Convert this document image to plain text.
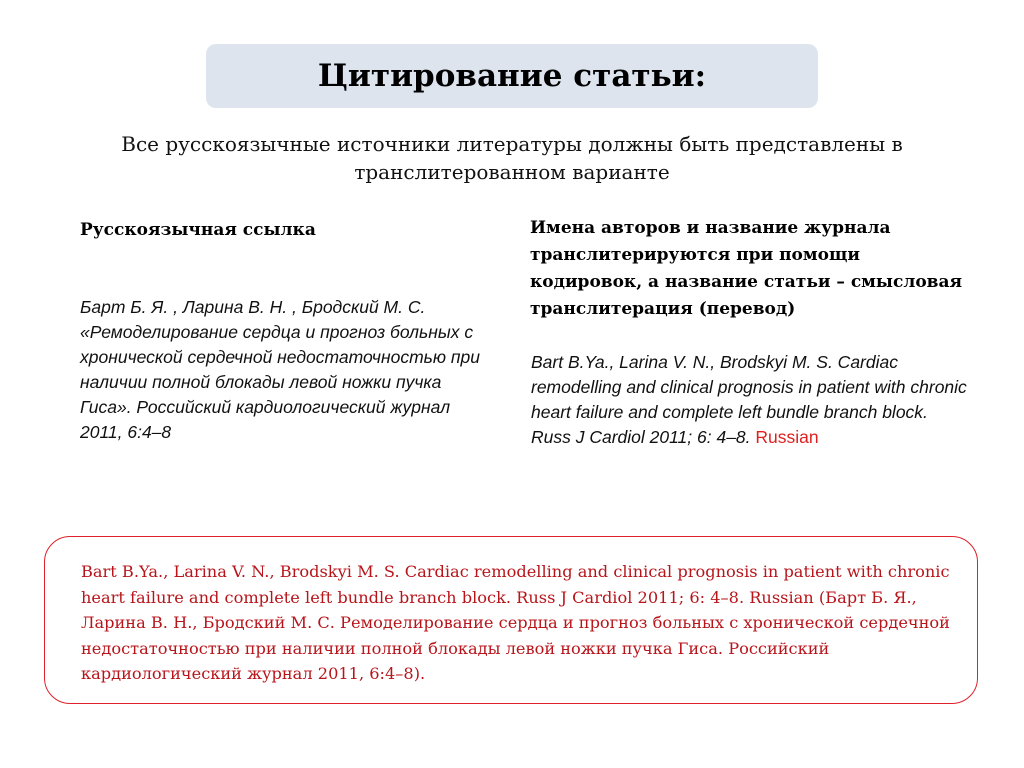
Цитирование статьи:
Все русскоязычные источники литературы должны быть представлены в
транслитерованном варианте
Русскоязычная ссылка
Барт Б. Я. , Ларина В. Н. , Бродский М. С. «Ремоделирование сердца и прогноз больных с хронической сердечной недостаточностью при наличии полной блокады левой ножки пучка Гиса». Российский кардиологический журнал 2011, 6:4–8
Имена авторов и название журнала транслитерируются при помощи кодировок, а название статьи – смысловая транслитерация (перевод)
Bart B.Ya., Larina V. N., Brodskyi M. S. Cardiac remodelling and clinical prognosis in patient with chronic heart failure and complete left bundle branch block. Russ J Cardiol 2011; 6: 4–8. Russian
Bart B.Ya., Larina V. N., Brodskyi M. S. Cardiac remodelling and clinical prognosis in patient with chronic heart failure and complete left bundle branch block. Russ J Cardiol 2011; 6: 4–8. Russian (Барт Б. Я., Ларина В. Н., Бродский М. С. Ремоделирование сердца и прогноз больных с хронической сердечной недостаточностью при наличии полной блокады левой ножки пучка Гиса. Российский кардиологический журнал 2011, 6:4–8).
